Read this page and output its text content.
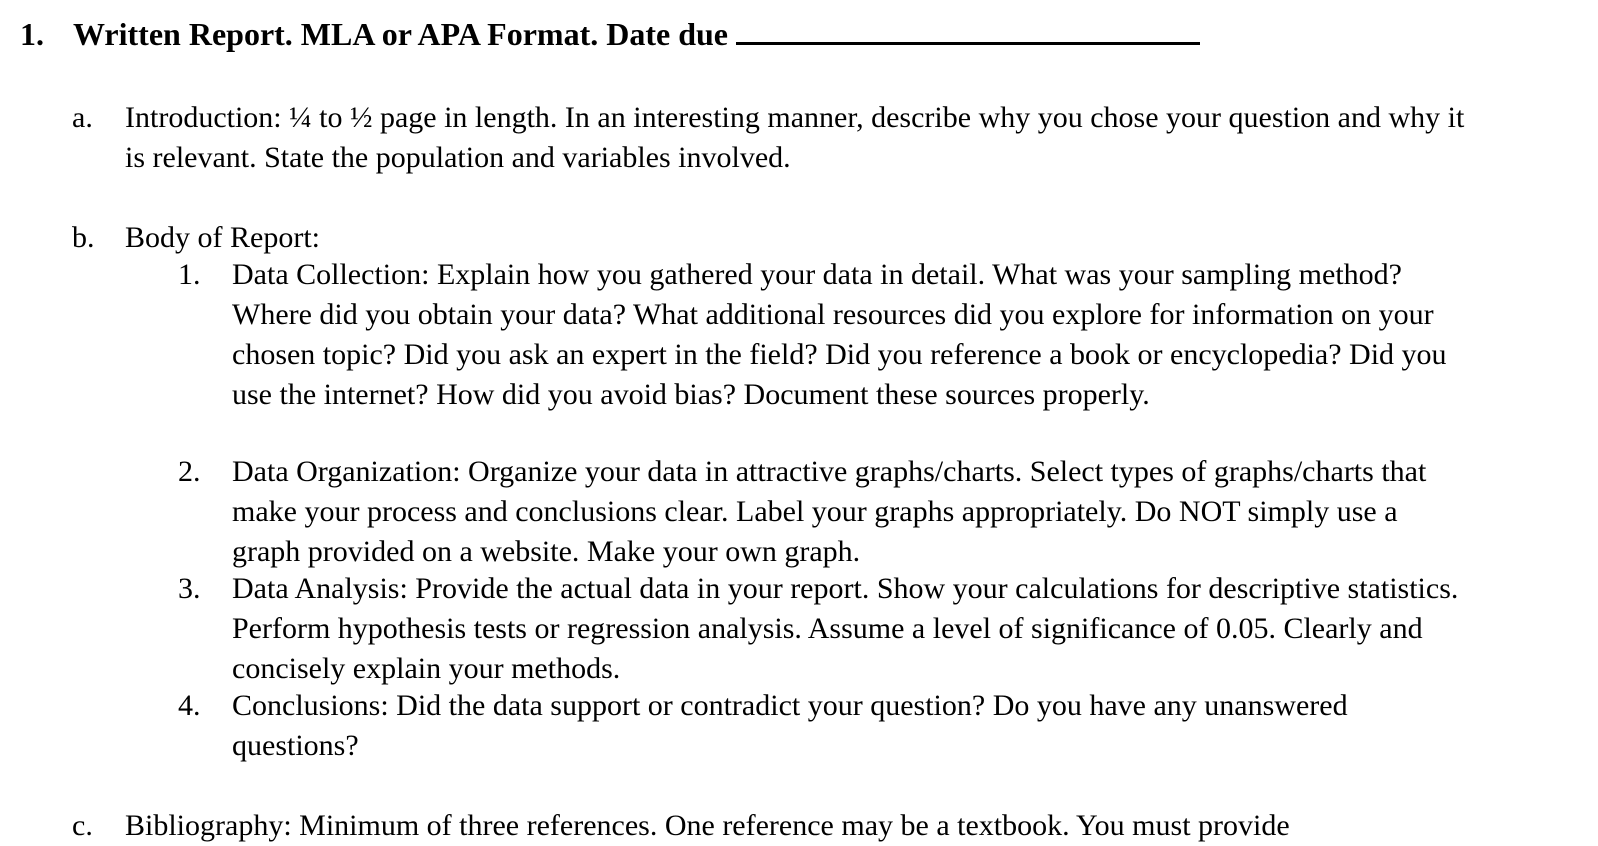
1. Written Report. MLA or APA Format. Date due
a. Introduction: ¼ to ½ page in length. In an interesting manner, describe why you chose your question and why it is relevant. State the population and variables involved.
b. Body of Report:
1. Data Collection: Explain how you gathered your data in detail. What was your sampling method? Where did you obtain your data? What additional resources did you explore for information on your chosen topic? Did you ask an expert in the field? Did you reference a book or encyclopedia? Did you use the internet? How did you avoid bias? Document these sources properly.
2. Data Organization: Organize your data in attractive graphs/charts. Select types of graphs/charts that make your process and conclusions clear. Label your graphs appropriately. Do NOT simply use a graph provided on a website. Make your own graph.
3. Data Analysis: Provide the actual data in your report. Show your calculations for descriptive statistics. Perform hypothesis tests or regression analysis. Assume a level of significance of 0.05. Clearly and concisely explain your methods.
4. Conclusions: Did the data support or contradict your question? Do you have any unanswered questions?
c. Bibliography: Minimum of three references. One reference may be a textbook. You must provide
